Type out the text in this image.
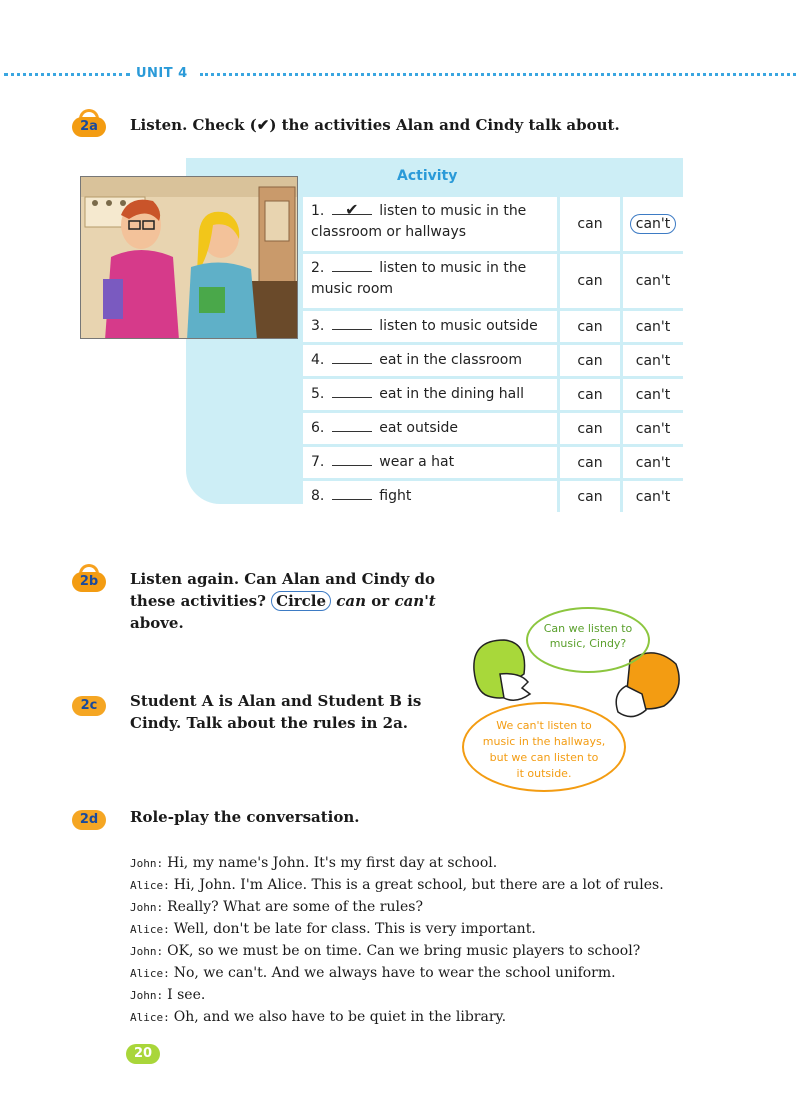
UNIT 4
2a	Listen. Check (✔) the activities Alan and Cindy talk about.
Activity
1. ✔ listen to music in the classroom or hallways	can	can't
2.	listen to music in the music room	can	can't
3.	listen to music outside	can	can't
4.	eat in the classroom	can	can't
5.	eat in the dining hall	can	can't
6.	eat outside	can	can't
7.	wear a hat	can	can't
8.	fight	can	can't
2b	Listen again. Can Alan and Cindy do
these activities? Circle can or can't
above.
2c	Student A is Alan and Student B is
Cindy. Talk about the rules in 2a.
Can we listen to
music, Cindy?
We can't listen to
music in the hallways,
but we can listen to
it outside.
2d	Role-play the conversation.
John: Hi, my name's John. It's my first day at school.
Alice: Hi, John. I'm Alice. This is a great school, but there are a lot of rules.
John: Really? What are some of the rules?
Alice: Well, don't be late for class. This is very important.
John: OK, so we must be on time. Can we bring music players to school?
Alice: No, we can't. And we always have to wear the school uniform.
John: I see.
Alice: Oh, and we also have to be quiet in the library.
20
